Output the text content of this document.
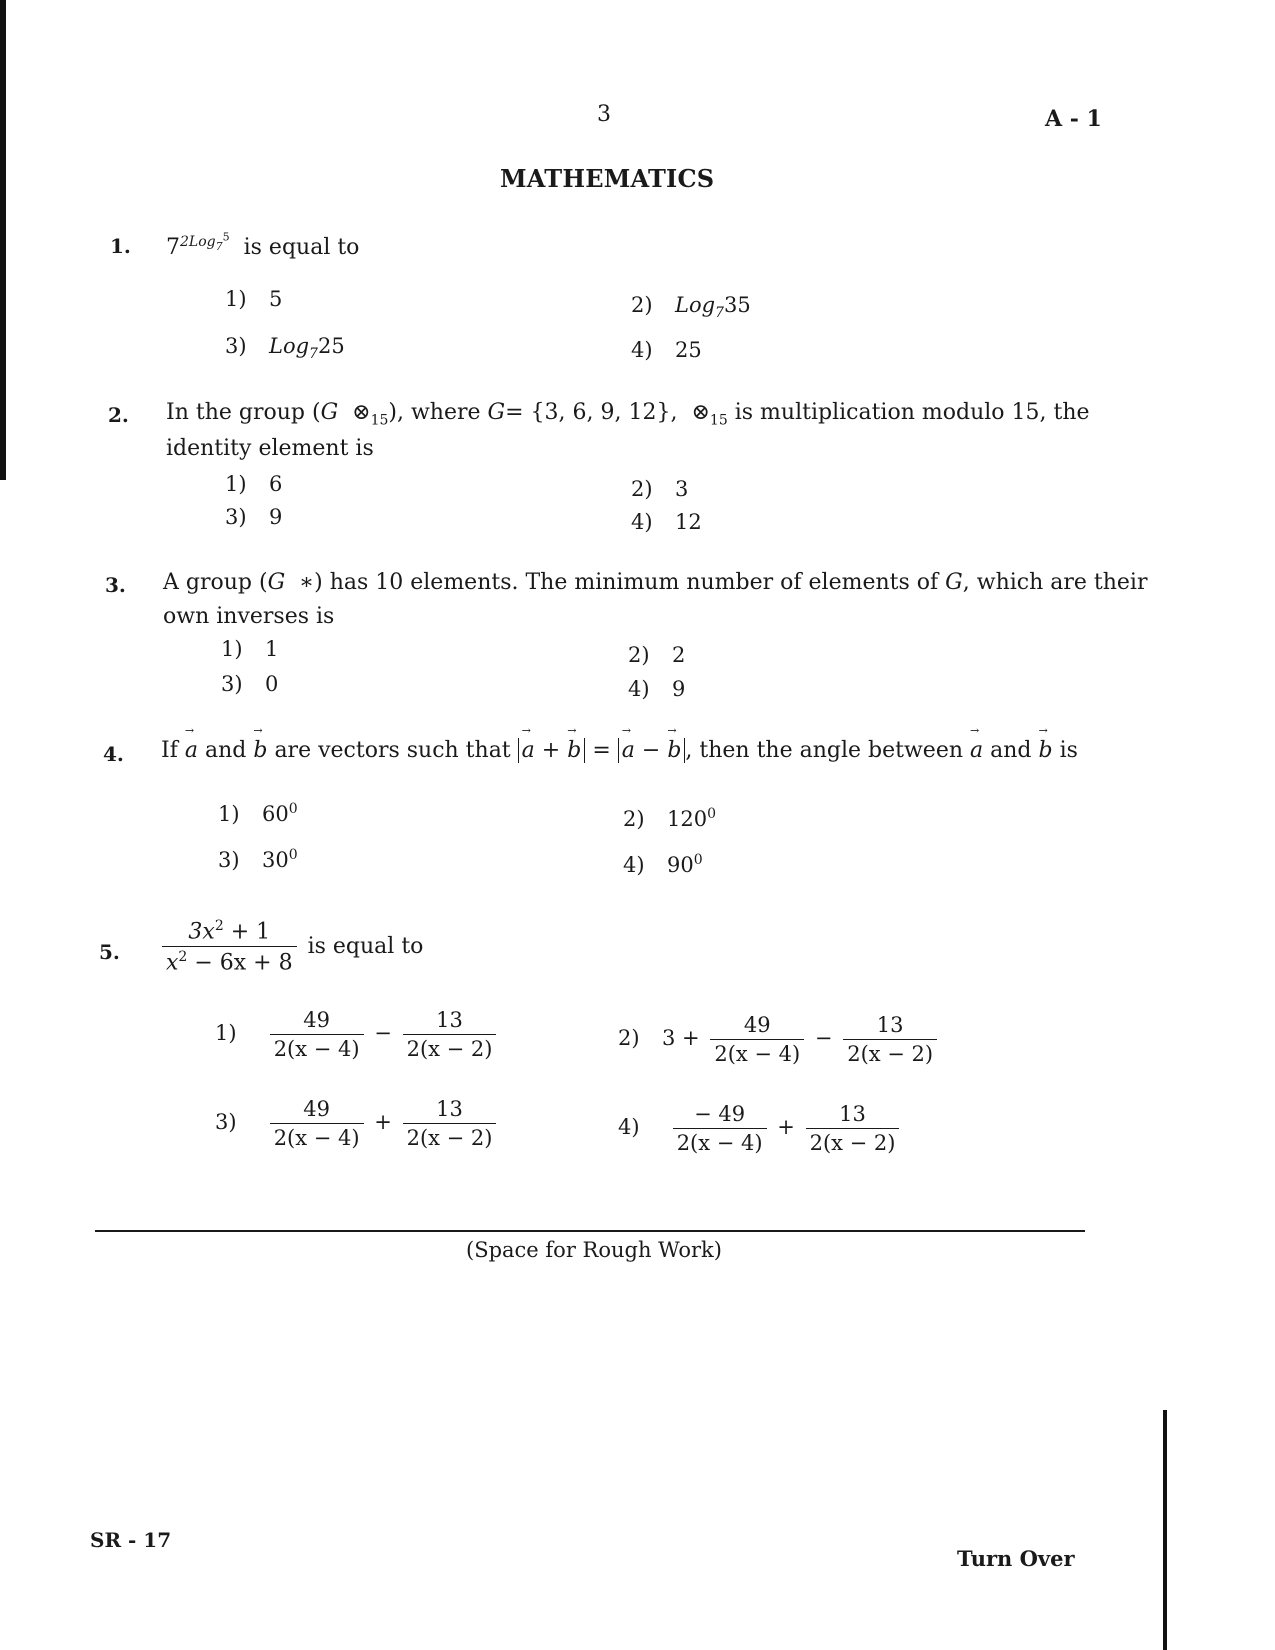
3	A - 1
MATHEMATICS
1. $7^{2Log_7^5}$ is equal to
1) 5	2) Log$_7$35
3) Log$_7$25	4) 25
2. In the group (G $\otimes_{15}$), where G= {3, 6, 9, 12}, $\otimes_{15}$ is multiplication modulo 15, the
identity element is
1) 6	2) 3
3) 9	4) 12
3. A group (G ∗) has 10 elements. The minimum number of elements of G, which are their
own inverses is
1) 1	2) 2
3) 0	4) 9
4. If → a and → b are vectors such that → a + → b = → a − → b , then the angle between → a and → b is
1) $60^0$	2) $120^0$
3) $30^0$	4) $90^0$
5. $\frac{3x^2 + 1}{x^2 - 6x + 8}$ is equal to
$1) \frac{49}{2(x - 4)} - \frac{13}{2(x - 2)}$	2) $3 + \frac{49}{2(x - 4)} - \frac{13}{2(x - 2)}$
$3) \frac{49}{2(x - 4)} + \frac{13}{2(x - 2)}$	$4) \frac{- 49}{2(x - 4)} + \frac{13}{2(x - 2)}$
(Space for Rough Work)
SR - 17
Turn Over
